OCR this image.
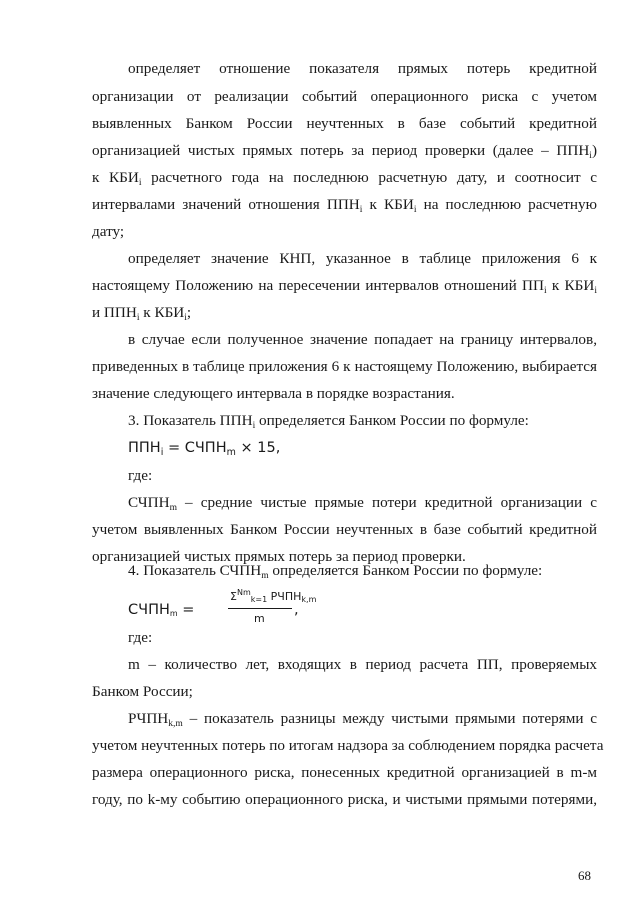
определяет отношение показателя прямых потерь кредитной
организации от реализации событий операционного риска с учетом
выявленных Банком России неучтенных в базе событий кредитной
организацией чистых прямых потерь за период проверки (далее – $ППН_i$)
к $КБИ_i$ расчетного года на последнюю расчетную дату, и соотносит с
интервалами значений отношения $ППН_i$ к $КБИ_i$ на последнюю расчетную
дату;
определяет значение КНП, указанное в таблице приложения 6 к
настоящему Положению на пересечении интервалов отношений $ПП_i$ к $КБИ_i$
и $ППН_i$ к $КБИ_i$;
в случае если полученное значение попадает на границу интервалов,
приведенных в таблице приложения 6 к настоящему Положению, выбирается
значение следующего интервала в порядке возрастания.
3. Показатель $ППН_i$ определяется Банком России по формуле:
$ППН_i$ = $СЧПН_m \times 15$,
где:
$СЧПН_m$ – средние чистые прямые потери кредитной организации с
учетом выявленных Банком России неучтенных в базе событий кредитной
организацией чистых прямых потерь за период проверки.
4. Показатель $СЧПН_m$ определяется Банком России по формуле:
$СЧПН_m$ =
$\Sigma^{Nm}_{k=1}$ $РЧПН_{k,m}$
m
,
где:
m – количество лет, входящих в период расчета ПП, проверяемых
Банком России;
$РЧПН_{k,m}$ – показатель разницы между чистыми прямыми потерями с
учетом неучтенных потерь по итогам надзора за соблюдением порядка расчета
размера операционного риска, понесенных кредитной организацией в m-м
году, по k-му событию операционного риска, и чистыми прямыми потерями,
68
